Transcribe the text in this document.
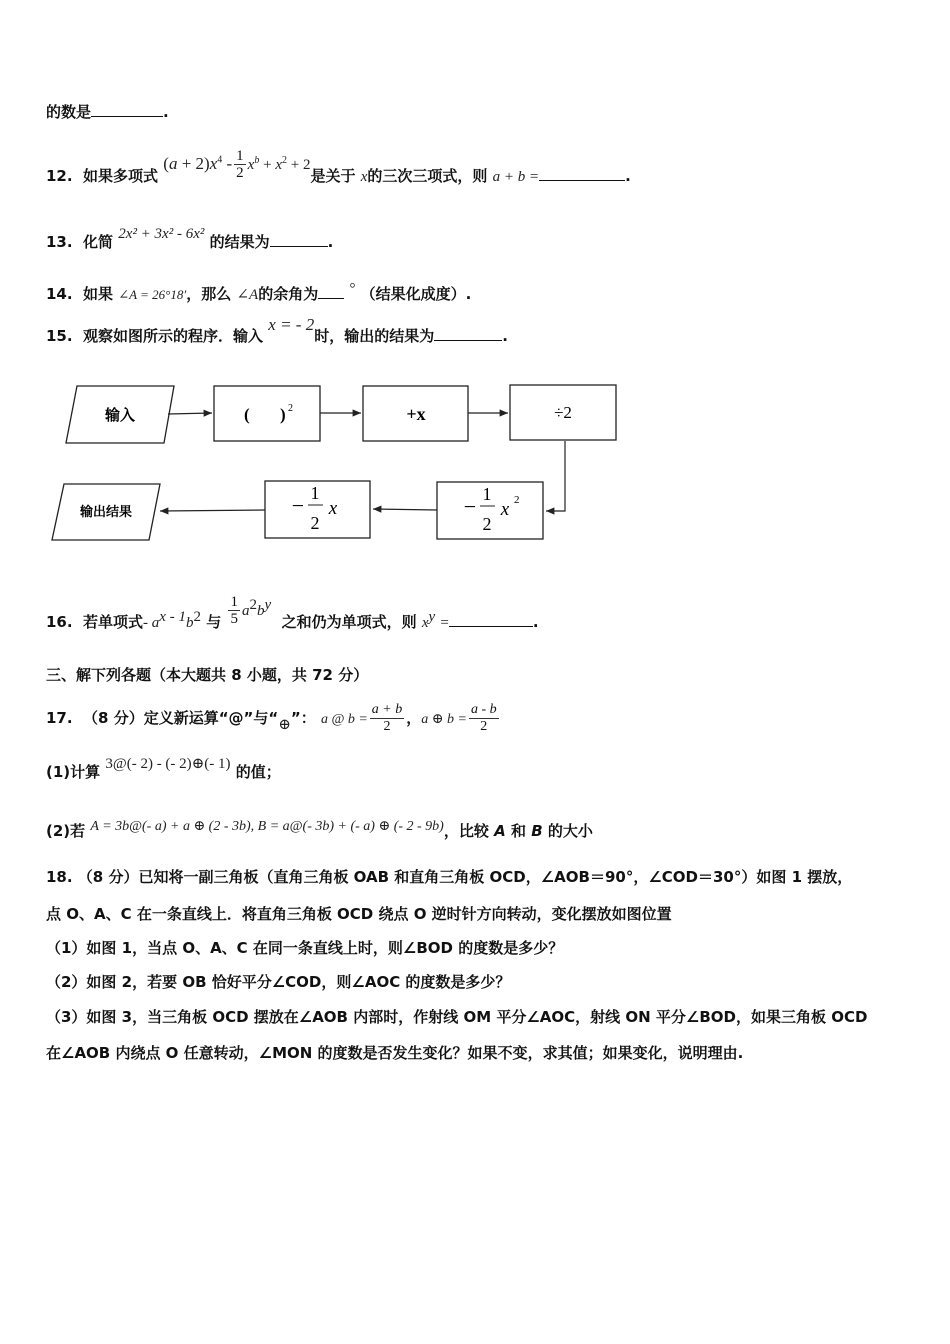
的数是	.
12. 如果多项式 $(a + 2)x^4 - \frac{1}{2} x^b + x^2 + 2$是关于 x的三次三项式，则 a + b =	.
13. 化简 2x² + 3x² - 6x² 的结果为	.
14. 如果 ∠A = 26°18′，那么 ∠A的余角为 ° （结果化成度）.
15. 观察如图所示的程序．输入 x = - 2时，输出的结果为	.
输入	( ) 2	+x	÷2
− 1
2
x 2
− 1
2
x
输出结果
16. 若单项式- $a^{x - 1}b^2$ 与 $\frac{1}{5} a^2b^y$  之和仍为单项式，则 $x^y$ =	.
三、解下列各题（本大题共 8 小题，共 72 分）
17. （8 分）定义新运算“@”与“⊕”： a @ $b = \frac{a + b}{2}$ ，a ⊕ $b = \frac{a - b}{2}$
(1)计算 3@(- 2) - (- 2)⊕(- 1) 的值；
(2)若 A = 3b@(- a) + a ⊕ (2 - 3b), B = a@(- 3b) + (- a) ⊕ (- 2 - 9b)，比较 A 和 B 的大小
18. （8 分）已知将一副三角板（直角三角板 OAB 和直角三角板 OCD，∠AOB＝90°，∠COD＝30°）如图 1 摆放，
点 O、A、C 在一条直线上．将直角三角板 OCD 绕点 O 逆时针方向转动，变化摆放如图位置
（1）如图 1，当点 O、A、C 在同一条直线上时，则∠BOD 的度数是多少？
（2）如图 2，若要 OB 恰好平分∠COD，则∠AOC 的度数是多少？
（3）如图 3，当三角板 OCD 摆放在∠AOB 内部时，作射线 OM 平分∠AOC，射线 ON 平分∠BOD，如果三角板 OCD
在∠AOB 内绕点 O 任意转动，∠MON 的度数是否发生变化？如果不变，求其值；如果变化，说明理由.
